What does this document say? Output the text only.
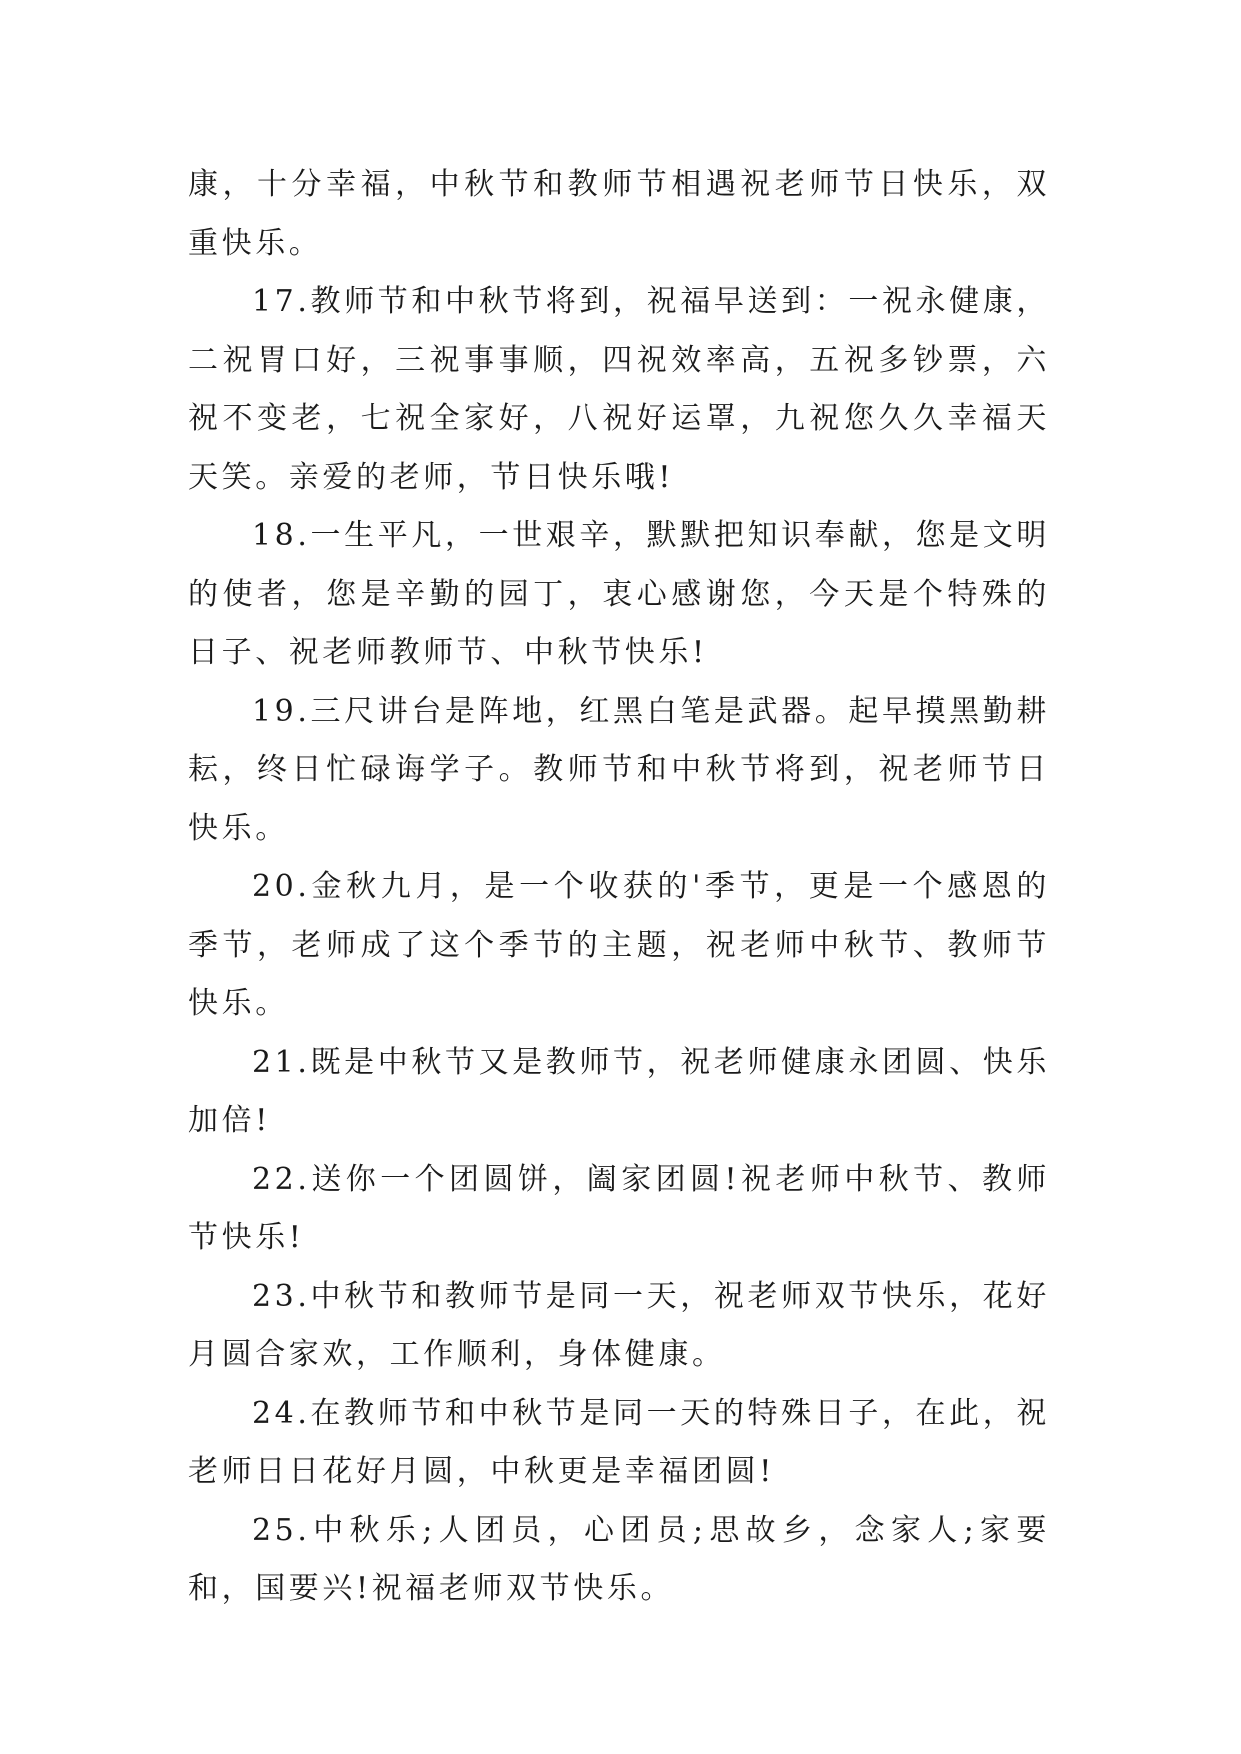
康，十分幸福，中秋节和教师节相遇祝老师节日快乐，双重快乐。

17.教师节和中秋节将到，祝福早送到：一祝永健康，二祝胃口好，三祝事事顺，四祝效率高，五祝多钞票，六祝不变老，七祝全家好，八祝好运罩，九祝您久久幸福天天笑。亲爱的老师，节日快乐哦!

18.一生平凡，一世艰辛，默默把知识奉献，您是文明的使者，您是辛勤的园丁，衷心感谢您，今天是个特殊的日子、祝老师教师节、中秋节快乐!

19.三尺讲台是阵地，红黑白笔是武器。起早摸黑勤耕耘，终日忙碌诲学子。教师节和中秋节将到，祝老师节日快乐。

20.金秋九月，是一个收获的'季节，更是一个感恩的季节，老师成了这个季节的主题，祝老师中秋节、教师节快乐。

21.既是中秋节又是教师节，祝老师健康永团圆、快乐加倍!

22.送你一个团圆饼，阖家团圆!祝老师中秋节、教师节快乐!

23.中秋节和教师节是同一天，祝老师双节快乐，花好月圆合家欢，工作顺利，身体健康。

24.在教师节和中秋节是同一天的特殊日子，在此，祝老师日日花好月圆，中秋更是幸福团圆!

25.中秋乐;人团员，心团员;思故乡，念家人;家要和，国要兴!祝福老师双节快乐。
